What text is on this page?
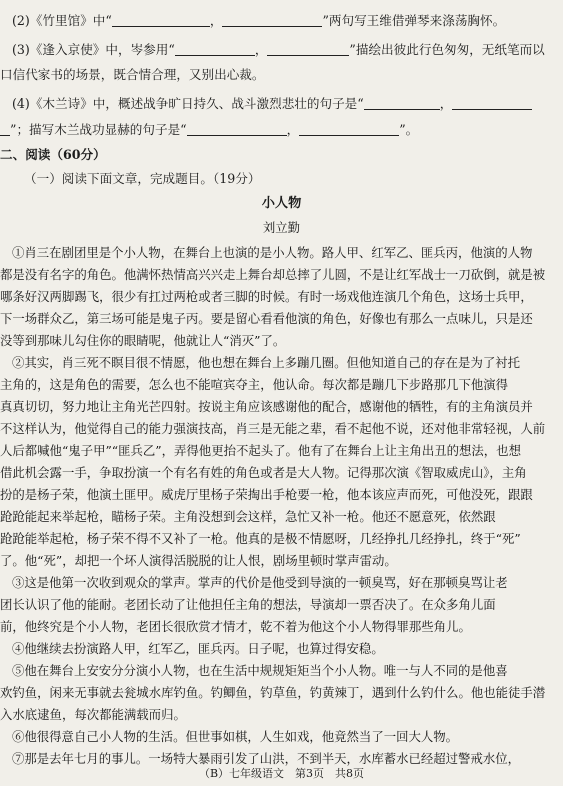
(2)《竹里馆》中“	，	”两句写王维借弹琴来涤荡胸怀。
(3)《逢入京使》中，岑参用“	，	”描绘出彼此行色匆匆，无纸笔而以
口信代家书的场景，既合情合理，又别出心裁。
(4)《木兰诗》中，概述战争旷日持久、战斗激烈悲壮的句子是“	，
”；描写木兰战功显赫的句子是“	，	”。
二、阅读（60分）
（一）阅读下面文章，完成题目。（19分）
小人物
刘立勤
①肖三在剧团里是个小人物，在舞台上也演的是小人物。路人甲、红军乙、匪兵丙，他演的人物
都是没有名字的角色。他满怀热情高兴兴走上舞台却总摔了儿圆，不是让红军战士一刀砍倒，就是被
哪条好汉两脚踢飞，很少有扛过两枪或者三脚的时候。有时一场戏他连演几个角色，这场士兵甲，
下一场群众乙，第三场可能是鬼子丙。要是留心看看他演的角色，好像也有那么一点味儿，只是还
没等到那味儿勾住你的眼睛呢，他就让人“消灭”了。
②其实，肖三死不瞑目很不情愿，他也想在舞台上多蹦几圈。但他知道自己的存在是为了衬托
主角的，这是角色的需要，怎么也不能喧宾夺主，他认命。每次都是蹦几下步路那几下他演得
真真切切，努力地让主角光芒四射。按说主角应该感谢他的配合，感谢他的牺牲，有的主角演员并
不这样认为，他觉得自己的能力强演技高，肖三是无能之辈，看不起他不说，还对他非常轻视，人前
人后都喊他“鬼子甲”“匪兵乙”，弄得他更抬不起头了。他有了在舞台上让主角出丑的想法，也想
借此机会露一手，争取扮演一个有名有姓的角色或者是大人物。记得那次演《智取威虎山》，主角
扮的是杨子荣，他演土匪甲。威虎厅里杨子荣掏出手枪要一枪，他本该应声而死，可他没死，跟跟
跄跄能起来举起枪，瞄杨子荣。主角没想到会这样，急忙又补一枪。他还不愿意死，依然跟
跄跄能举起枪，杨子荣不得不又补了一枪。他真的是极不情愿呀，几经挣扎几经挣扎，终于“死”
了。他“死”，却把一个坏人演得活脱脱的让人恨，剧场里顿时掌声雷动。
③这是他第一次收到观众的掌声。掌声的代价是他受到导演的一顿臭骂，好在那顿臭骂让老
团长认识了他的能耐。老团长动了让他担任主角的想法，导演却一票否决了。在众多角儿面
前，他终究是个小人物，老团长很欣赏才情才，乾不着为他这个小人物得罪那些角儿。
④他继续去扮演路人甲，红军乙，匪兵丙。日子呢，也算过得安稳。
⑤他在舞台上安安分分演小人物，也在生活中规规矩矩当个小人物。唯一与人不同的是他喜
欢钓鱼，闲来无事就去瓮城水库钓鱼。钓鲫鱼，钓草鱼，钓黄辣丁，遇到什么钓什么。他也能徒手潜
入水底逮鱼，每次都能满载而归。
⑥他很得意自己小人物的生活。但世事如棋，人生如戏，他竟然当了一回大人物。
⑦那是去年七月的事儿。一场特大暴雨引发了山洪，不到半天，水库蓄水已经超过警戒水位，
（B）七年级语文　第3页　共8页
